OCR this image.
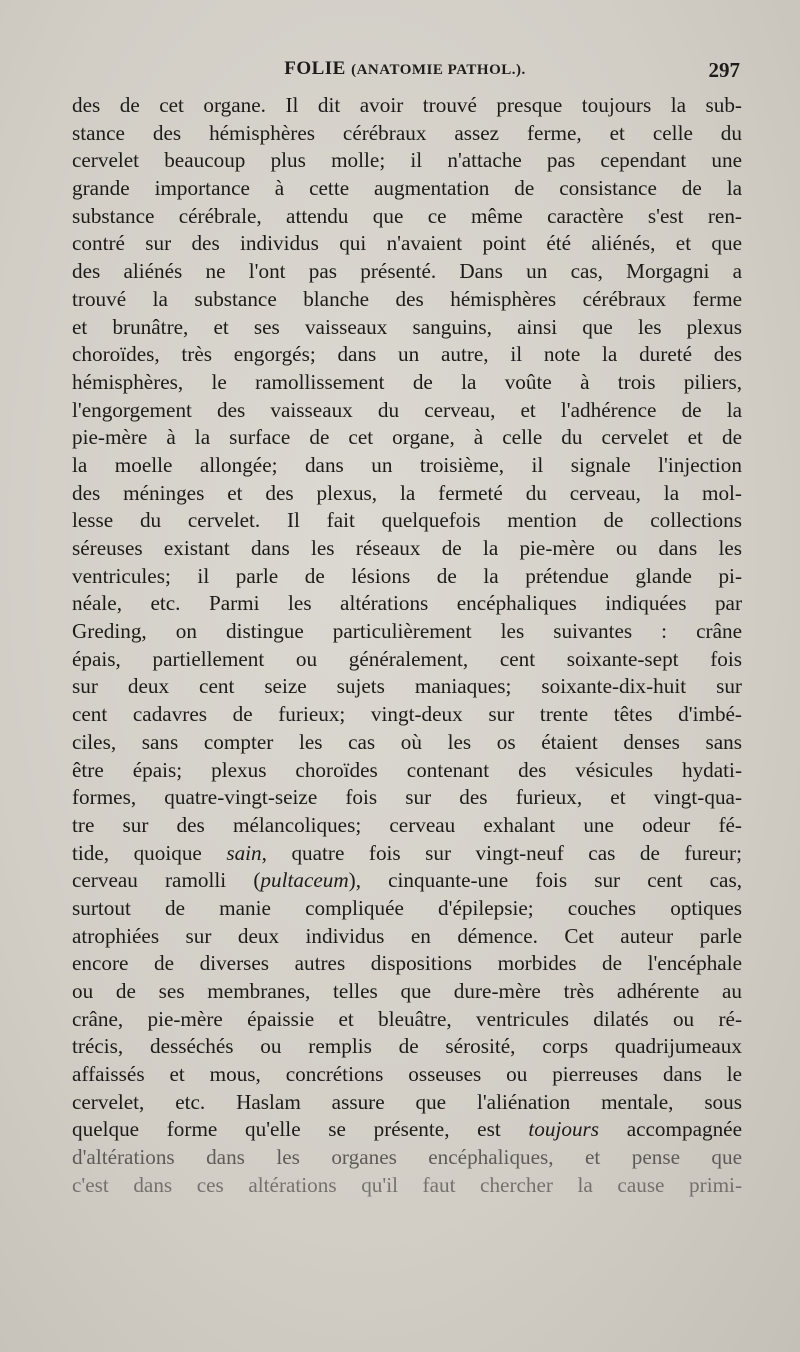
FOLIE (ANATOMIE PATHOL.).	297
des de cet organe. Il dit avoir trouvé presque toujours la sub-
stance des hémisphères cérébraux assez ferme, et celle du
cervelet beaucoup plus molle; il n'attache pas cependant une
grande importance à cette augmentation de consistance de la
substance cérébrale, attendu que ce même caractère s'est ren-
contré sur des individus qui n'avaient point été aliénés, et que
des aliénés ne l'ont pas présenté. Dans un cas, Morgagni a
trouvé la substance blanche des hémisphères cérébraux ferme
et brunâtre, et ses vaisseaux sanguins, ainsi que les plexus
choroïdes, très engorgés; dans un autre, il note la dureté des
hémisphères, le ramollissement de la voûte à trois piliers,
l'engorgement des vaisseaux du cerveau, et l'adhérence de la
pie-mère à la surface de cet organe, à celle du cervelet et de
la moelle allongée; dans un troisième, il signale l'injection
des méninges et des plexus, la fermeté du cerveau, la mol-
lesse du cervelet. Il fait quelquefois mention de collections
séreuses existant dans les réseaux de la pie-mère ou dans les
ventricules; il parle de lésions de la prétendue glande pi-
néale, etc. Parmi les altérations encéphaliques indiquées par
Greding, on distingue particulièrement les suivantes : crâne
épais, partiellement ou généralement, cent soixante-sept fois
sur deux cent seize sujets maniaques; soixante-dix-huit sur
cent cadavres de furieux; vingt-deux sur trente têtes d'imbé-
ciles, sans compter les cas où les os étaient denses sans
être épais; plexus choroïdes contenant des vésicules hydati-
formes, quatre-vingt-seize fois sur des furieux, et vingt-qua-
tre sur des mélancoliques; cerveau exhalant une odeur fé-
tide, quoique sain, quatre fois sur vingt-neuf cas de fureur;
cerveau ramolli (pultaceum), cinquante-une fois sur cent cas,
surtout de manie compliquée d'épilepsie; couches optiques
atrophiées sur deux individus en démence. Cet auteur parle
encore de diverses autres dispositions morbides de l'encéphale
ou de ses membranes, telles que dure-mère très adhérente au
crâne, pie-mère épaissie et bleuâtre, ventricules dilatés ou ré-
trécis, desséchés ou remplis de sérosité, corps quadrijumeaux
affaissés et mous, concrétions osseuses ou pierreuses dans le
cervelet, etc. Haslam assure que l'aliénation mentale, sous
quelque forme qu'elle se présente, est toujours accompagnée
d'altérations dans les organes encéphaliques, et pense que
c'est dans ces altérations qu'il faut chercher la cause primi-
